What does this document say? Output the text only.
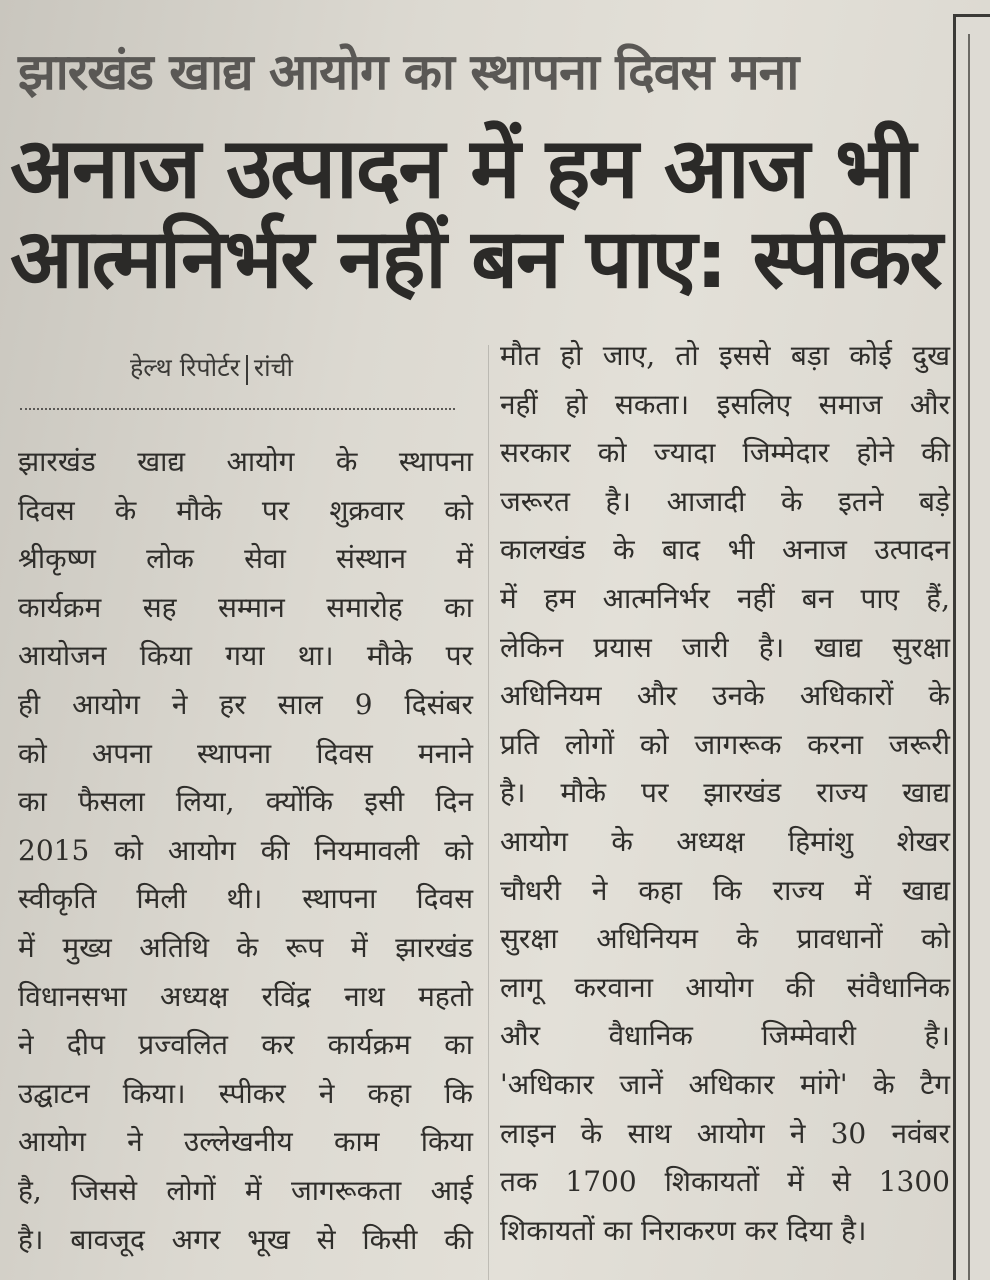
झारखंड खाद्य आयोग का स्थापना दिवस मना
अनाज उत्पादन में हम आज भी
आत्मनिर्भर नहीं बन पाए: स्पीकर
हेल्थ रिपोर्टर रांची
झारखंड खाद्य आयोग के स्थापना
दिवस के मौके पर शुक्रवार को
श्रीकृष्ण लोक सेवा संस्थान में
कार्यक्रम सह सम्मान समारोह का
आयोजन किया गया था। मौके पर
ही आयोग ने हर साल 9 दिसंबर
को अपना स्थापना दिवस मनाने
का फैसला लिया, क्योंकि इसी दिन
2015 को आयोग की नियमावली को
स्वीकृति मिली थी। स्थापना दिवस
में मुख्य अतिथि के रूप में झारखंड
विधानसभा अध्यक्ष रविंद्र नाथ महतो
ने दीप प्रज्वलित कर कार्यक्रम का
उद्घाटन किया। स्पीकर ने कहा कि
आयोग ने उल्लेखनीय काम किया
है, जिससे लोगों में जागरूकता आई
है। बावजूद अगर भूख से किसी की
मौत हो जाए, तो इससे बड़ा कोई दुख
नहीं हो सकता। इसलिए समाज और
सरकार को ज्यादा जिम्मेदार होने की
जरूरत है। आजादी के इतने बड़े
कालखंड के बाद भी अनाज उत्पादन
में हम आत्मनिर्भर नहीं बन पाए हैं,
लेकिन प्रयास जारी है। खाद्य सुरक्षा
अधिनियम और उनके अधिकारों के
प्रति लोगों को जागरूक करना जरूरी
है। मौके पर झारखंड राज्य खाद्य
आयोग के अध्यक्ष हिमांशु शेखर
चौधरी ने कहा कि राज्य में खाद्य
सुरक्षा अधिनियम के प्रावधानों को
लागू करवाना आयोग की संवैधानिक
और वैधानिक जिम्मेवारी है।
'अधिकार जानें अधिकार मांगे' के टैग
लाइन के साथ आयोग ने 30 नवंबर
तक 1700 शिकायतों में से 1300
शिकायतों का निराकरण कर दिया है।
